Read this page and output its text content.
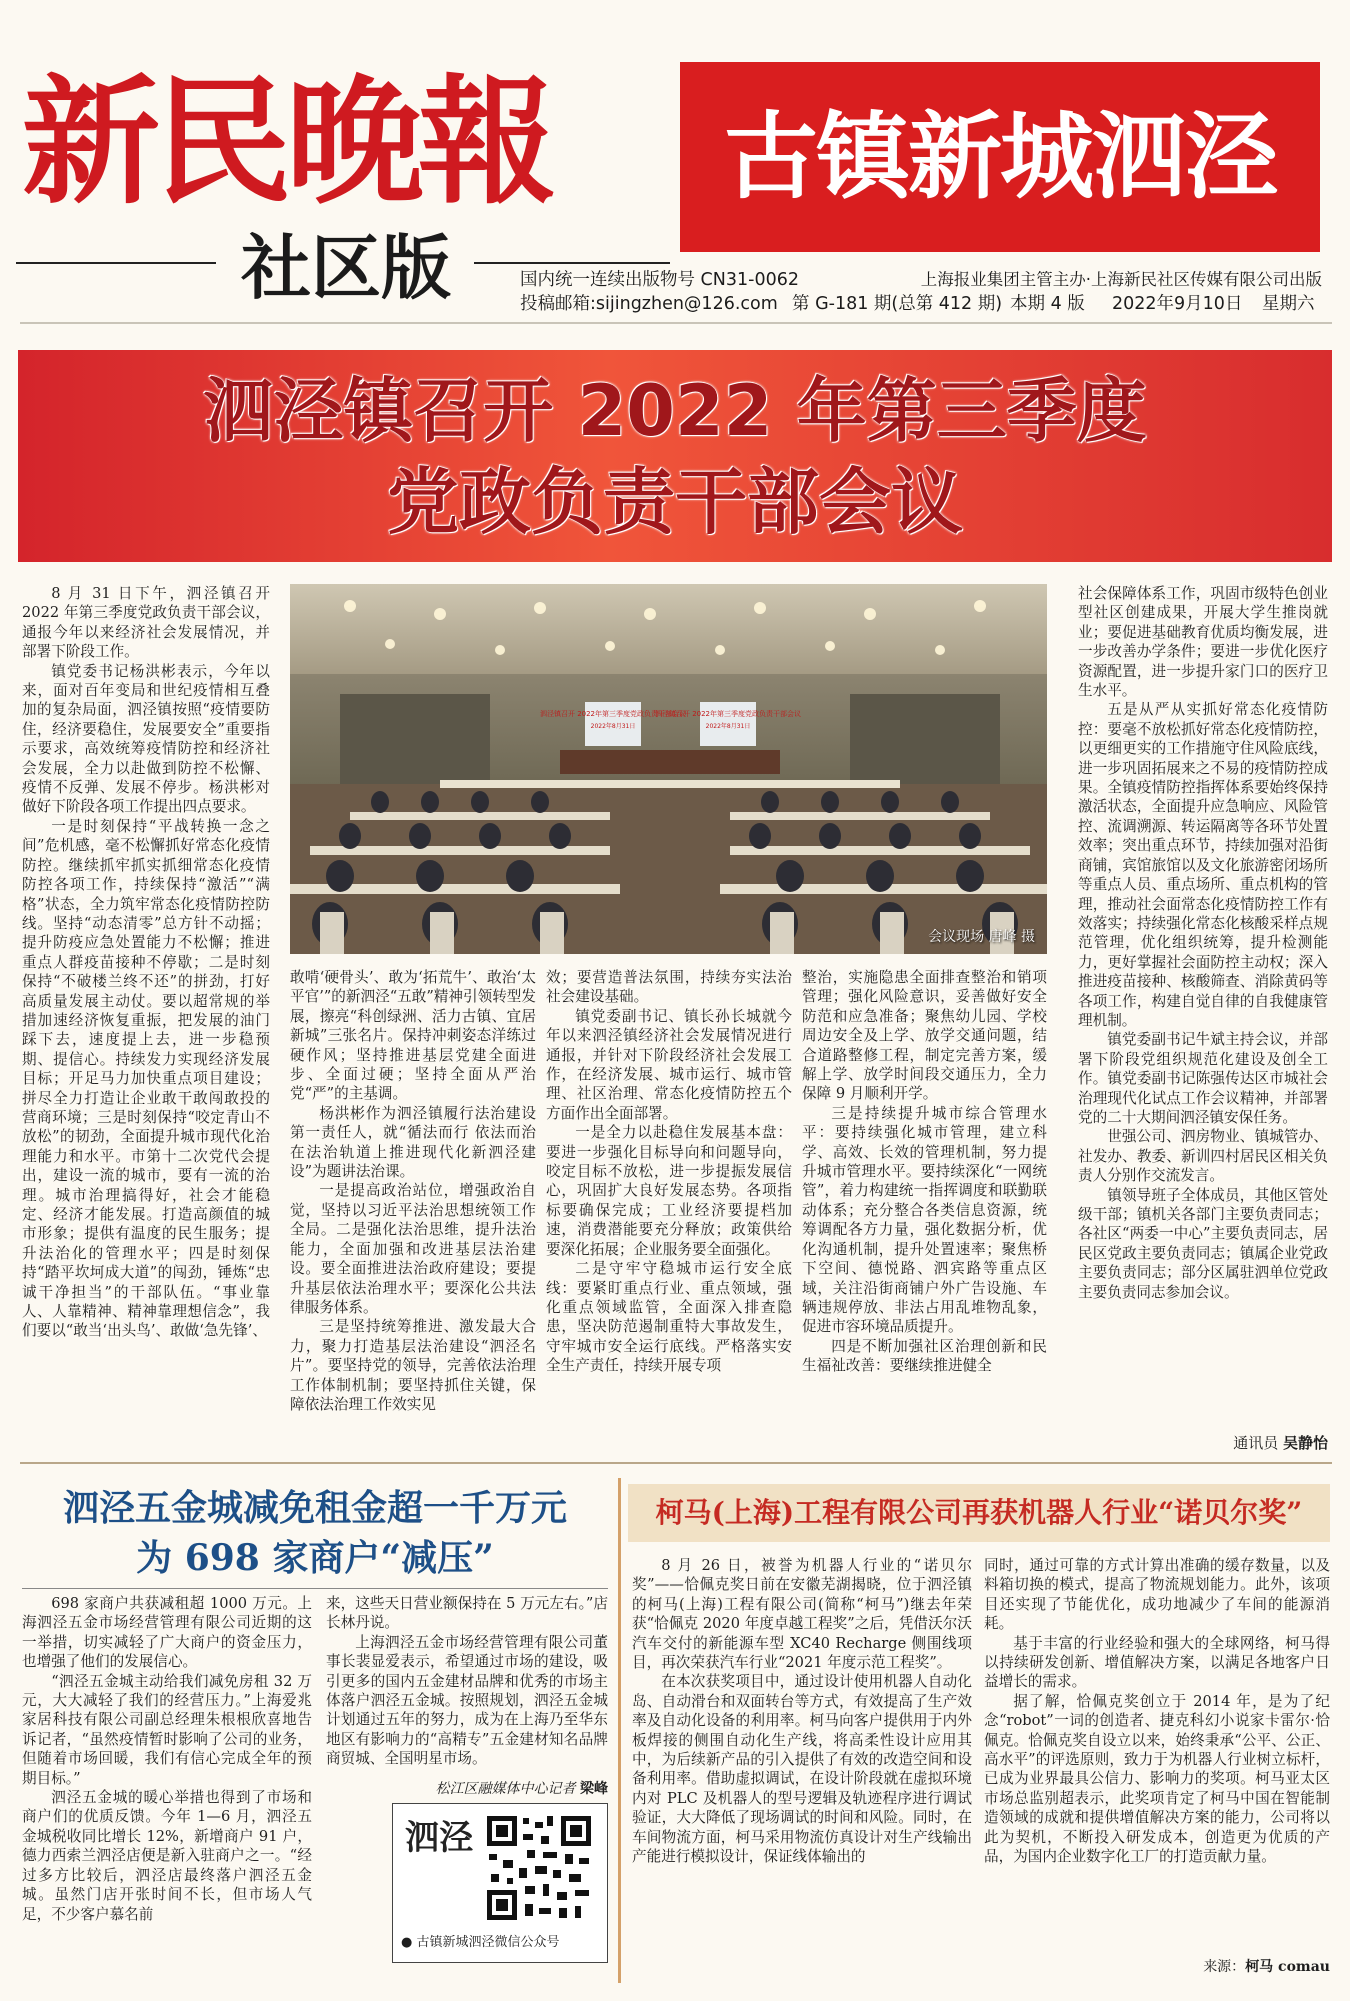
新民晚報
社区版
古镇新城泗泾
国内统一连续出版物号 CN31-0062
投稿邮箱:sijingzhen@126.com 第 G-181 期(总第 412 期) 本期 4 版 2022年9月10日 星期六
上海报业集团主管主办·上海新民社区传媒有限公司出版
泗泾镇召开 2022 年第三季度
党政负责干部会议

8 月 31 日下午，泗泾镇召开 2022 年第三季度党政负责干部会议，通报今年以来经济社会发展情况，并部署下阶段工作。

镇党委书记杨洪彬表示，今年以来，面对百年变局和世纪疫情相互叠加的复杂局面，泗泾镇按照“疫情要防住，经济要稳住，发展要安全”重要指示要求，高效统筹疫情防控和经济社会发展，全力以赴做到防控不松懈、疫情不反弹、发展不停步。杨洪彬对做好下阶段各项工作提出四点要求。

一是时刻保持“平战转换一念之间”危机感，毫不松懈抓好常态化疫情防控。继续抓牢抓实抓细常态化疫情防控各项工作，持续保持“激活”“满格”状态，全力筑牢常态化疫情防控防线。坚持“动态清零”总方针不动摇；提升防疫应急处置能力不松懈；推进重点人群疫苗接种不停歇；二是时刻保持“不破楼兰终不还”的拼劲，打好高质量发展主动仗。要以超常规的举措加速经济恢复重振，把发展的油门踩下去，速度提上去，进一步稳预期、提信心。持续发力实现经济发展目标；开足马力加快重点项目建设；拼尽全力打造让企业敢干敢闯敢投的营商环境；三是时刻保持“咬定青山不放松”的韧劲，全面提升城市现代化治理能力和水平。市第十二次党代会提出，建设一流的城市，要有一流的治理。城市治理搞得好，社会才能稳定、经济才能发展。打造高颜值的城市形象；提供有温度的民生服务；提升法治化的管理水平；四是时刻保持“踏平坎坷成大道”的闯劲，锤炼“忠诚干净担当”的干部队伍。“事业靠人、人靠精神、精神靠理想信念”，我们要以“敢当‘出头鸟’、敢做‘急先锋’、

泗泾镇召开 2022年第三季度党政负责干部会议
2022年8月31日
泗泾镇召开 2022年第三季度党政负责干部会议
2022年8月31日
会议现场 唐峰 摄

敢啃‘硬骨头’、敢为‘拓荒牛’、敢治‘太平官’”的新泗泾“五敢”精神引领转型发展，擦亮“科创绿洲、活力古镇、宜居新城”三张名片。保持冲刺姿态洋练过硬作风；坚持推进基层党建全面进步、全面过硬；坚持全面从严治党“严”的主基调。

杨洪彬作为泗泾镇履行法治建设第一责任人，就“循法而行 依法而治 在法治轨道上推进现代化新泗泾建设”为题讲法治课。

一是提高政治站位，增强政治自觉，坚持以习近平法治思想统领工作全局。二是强化法治思维，提升法治能力，全面加强和改进基层法治建设。要全面推进法治政府建设；要提升基层依法治理水平；要深化公共法律服务体系。

三是坚持统筹推进、激发最大合力，聚力打造基层法治建设“泗泾名片”。要坚持党的领导，完善依法治理工作体制机制；要坚持抓住关键，保障依法治理工作效实见

效；要营造普法氛围，持续夯实法治社会建设基础。

镇党委副书记、镇长孙长城就今年以来泗泾镇经济社会发展情况进行通报，并针对下阶段经济社会发展工作，在经济发展、城市运行、城市管理、社区治理、常态化疫情防控五个方面作出全面部署。

一是全力以赴稳住发展基本盘：要进一步强化目标导向和问题导向，咬定目标不放松，进一步提振发展信心，巩固扩大良好发展态势。各项指标要确保完成；工业经济要提档加速，消费潜能要充分释放；政策供给要深化拓展；企业服务要全面强化。

二是守牢守稳城市运行安全底线：要紧盯重点行业、重点领域，强化重点领域监管，全面深入排查隐患，坚决防范遏制重特大事故发生，守牢城市安全运行底线。严格落实安全生产责任，持续开展专项

整治，实施隐患全面排查整治和销项管理；强化风险意识，妥善做好安全防范和应急准备；聚焦幼儿园、学校周边安全及上学、放学交通问题，结合道路整修工程，制定完善方案，缓解上学、放学时间段交通压力，全力保障 9 月顺利开学。

三是持续提升城市综合管理水平：要持续强化城市管理，建立科学、高效、长效的管理机制，努力提升城市管理水平。要持续深化“一网统管”，着力构建统一指挥调度和联勤联动体系；充分整合各类信息资源，统筹调配各方力量，强化数据分析，优化沟通机制，提升处置速率；聚焦桥下空间、德悦路、泗宾路等重点区域，关注沿街商铺户外广告设施、车辆违规停放、非法占用乱堆物乱象，促进市容环境品质提升。

四是不断加强社区治理创新和民生福祉改善：要继续推进健全

社会保障体系工作，巩固市级特色创业型社区创建成果，开展大学生推岗就业；要促进基础教育优质均衡发展，进一步改善办学条件；要进一步优化医疗资源配置，进一步提升家门口的医疗卫生水平。

五是从严从实抓好常态化疫情防控：要毫不放松抓好常态化疫情防控，以更细更实的工作措施守住风险底线，进一步巩固拓展来之不易的疫情防控成果。全镇疫情防控指挥体系要始终保持激活状态，全面提升应急响应、风险管控、流调溯源、转运隔离等各环节处置效率；突出重点环节，持续加强对沿街商铺，宾馆旅馆以及文化旅游密闭场所等重点人员、重点场所、重点机构的管理，推动社会面常态化疫情防控工作有效落实；持续强化常态化核酸采样点规范管理，优化组织统筹，提升检测能力，更好掌握社会面防控主动权；深入推进疫苗接种、核酸筛查、消除黄码等各项工作，构建自觉自律的自我健康管理机制。

镇党委副书记牛斌主持会议，并部署下阶段党组织规范化建设及创全工作。镇党委副书记陈强传达区市城社会治理现代化试点工作会议精神，并部署党的二十大期间泗泾镇安保任务。

世强公司、泗房物业、镇城管办、社发办、教委、新训四村居民区相关负责人分别作交流发言。

镇领导班子全体成员，其他区管处级干部；镇机关各部门主要负责同志；各社区“两委一中心”主要负责同志，居民区党政主要负责同志；镇属企业党政主要负责同志；部分区属驻泗单位党政主要负责同志参加会议。

通讯员 吴静怡
泗泾五金城减免租金超一千万元
为 698 家商户“减压”

698 家商户共获减租超 1000 万元。上海泗泾五金市场经营管理有限公司近期的这一举措，切实减轻了广大商户的资金压力，也增强了他们的发展信心。

“泗泾五金城主动给我们减免房租 32 万元，大大减轻了我们的经营压力。”上海爱兆家居科技有限公司副总经理朱根根欣喜地告诉记者，“虽然疫情暂时影响了公司的业务，但随着市场回暖，我们有信心完成全年的预期目标。”

泗泾五金城的暖心举措也得到了市场和商户们的优质反馈。今年 1—6 月，泗泾五金城税收同比增长 12%，新增商户 91 户，德力西索兰泗泾店便是新入驻商户之一。“经过多方比较后，泗泾店最终落户泗泾五金城。虽然门店开张时间不长，但市场人气足，不少客户慕名前

来，这些天日营业额保持在 5 万元左右。”店长林丹说。

上海泗泾五金市场经营管理有限公司董事长裴显爱表示，希望通过市场的建设，吸引更多的国内五金建材品牌和优秀的市场主体落户泗泾五金城。按照规划，泗泾五金城计划通过五年的努力，成为在上海乃至华东地区有影响力的“高精专”五金建材知名品牌商贸城、全国明星市场。

松江区融媒体中心记者 梁峰
泗泾
● 古镇新城泗泾微信公众号
柯马(上海)工程有限公司再获机器人行业“诺贝尔奖”

8 月 26 日，被誉为机器人行业的“诺贝尔奖”——恰佩克奖日前在安徽芜湖揭晓，位于泗泾镇的柯马(上海)工程有限公司(简称“柯马”)继去年荣获“恰佩克 2020 年度卓越工程奖”之后，凭借沃尔沃汽车交付的新能源车型 XC40 Recharge 侧围线项目，再次荣获汽车行业“2021 年度示范工程奖”。

在本次获奖项目中，通过设计使用机器人自动化岛、自动滑台和双面转台等方式，有效提高了生产效率及自动化设备的利用率。柯马向客户提供用于内外板焊接的侧围自动化生产线，将高柔性设计应用其中，为后续新产品的引入提供了有效的改造空间和设备利用率。借助虚拟调试，在设计阶段就在虚拟环境内对 PLC 及机器人的型号逻辑及轨迹程序进行调试验证，大大降低了现场调试的时间和风险。同时，在车间物流方面，柯马采用物流仿真设计对生产线输出产能进行模拟设计，保证线体输出的

同时，通过可靠的方式计算出准确的缓存数量，以及料箱切换的模式，提高了物流规划能力。此外，该项目还实现了节能优化，成功地减少了车间的能源消耗。

基于丰富的行业经验和强大的全球网络，柯马得以持续研发创新、增值解决方案，以满足各地客户日益增长的需求。

据了解，恰佩克奖创立于 2014 年，是为了纪念“robot”一词的创造者、捷克科幻小说家卡雷尔·恰佩克。恰佩克奖自设立以来，始终秉承“公平、公正、高水平”的评选原则，致力于为机器人行业树立标杆，已成为业界最具公信力、影响力的奖项。柯马亚太区市场总监别超表示，此奖项肯定了柯马中国在智能制造领域的成就和提供增值解决方案的能力，公司将以此为契机，不断投入研发成本，创造更为优质的产品，为国内企业数字化工厂的打造贡献力量。

来源：柯马 comau
